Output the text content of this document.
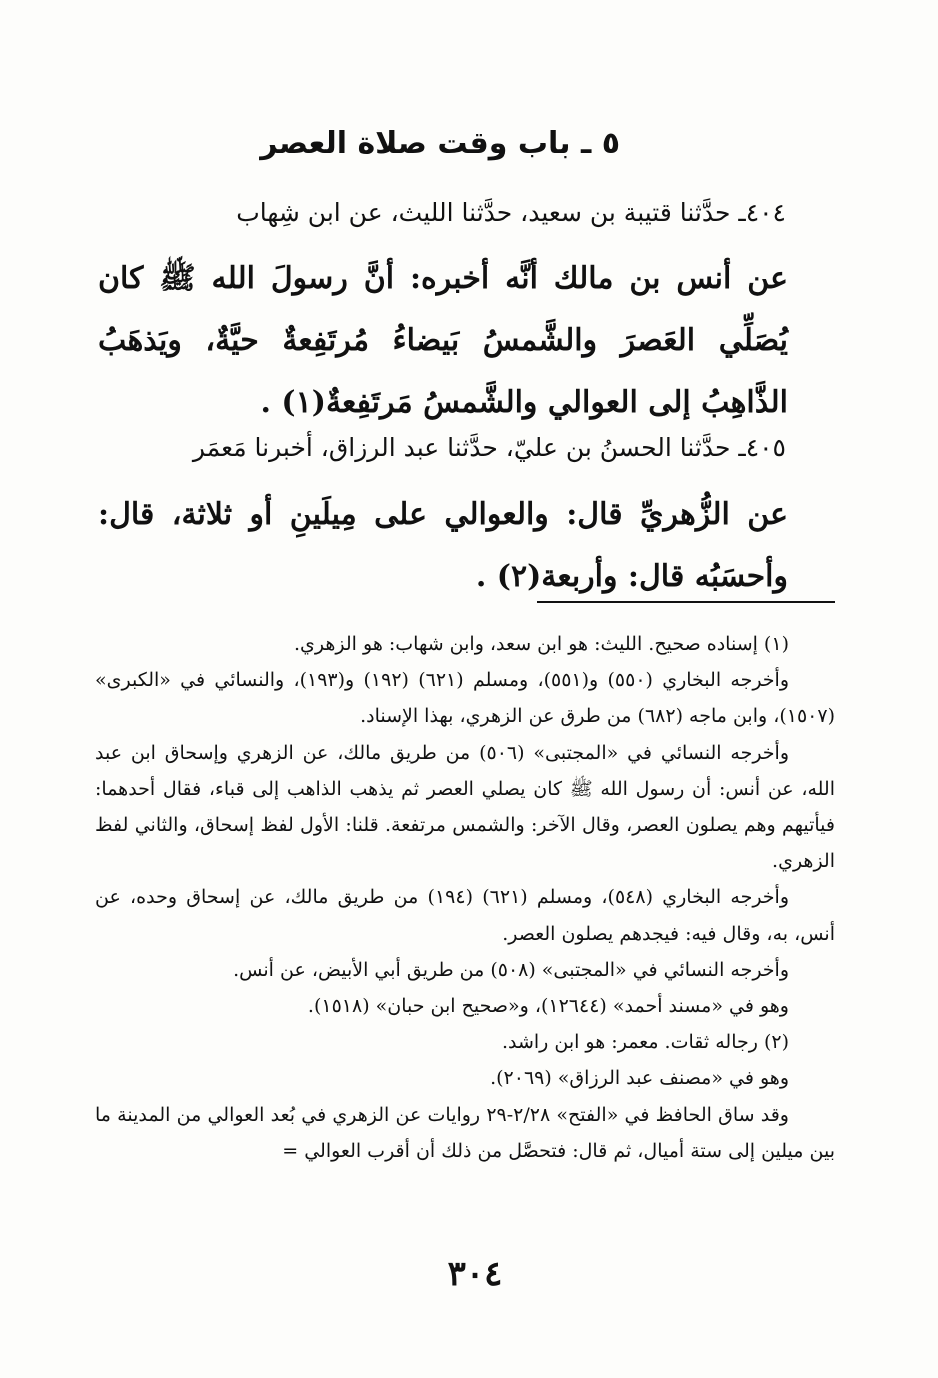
٥ ـ باب وقت صلاة العصر
٤٠٤ـ حدَّثنا قتيبة بن سعيد، حدَّثنا الليث، عن ابن شِهاب
عن أنس بن مالك أنَّه أخبره: أنَّ رسولَ الله ﷺ كان يُصَلِّي العَصرَ والشَّمسُ بَيضاءُ مُرتَفِعةٌ حيَّةٌ، ويَذهَبُ الذَّاهِبُ إلى العوالي والشَّمسُ مَرتَفِعةٌ(١) .
٤٠٥ـ حدَّثنا الحسنُ بن عليّ، حدَّثنا عبد الرزاق، أخبرنا مَعمَر
عن الزُّهريِّ قال: والعوالي على مِيلَينِ أو ثلاثة، قال: وأحسَبُه قال: وأربعة(٢) .

(١) إسناده صحيح. الليث: هو ابن سعد، وابن شهاب: هو الزهري.

وأخرجه البخاري (٥٥٠) و(٥٥١)، ومسلم (٦٢١) (١٩٢) و(١٩٣)، والنسائي في «الكبرى» (١٥٠٧)، وابن ماجه (٦٨٢) من طرق عن الزهري، بهذا الإسناد.

وأخرجه النسائي في «المجتبى» (٥٠٦) من طريق مالك، عن الزهري وإسحاق ابن عبد الله، عن أنس: أن رسول الله ﷺ كان يصلي العصر ثم يذهب الذاهب إلى قباء، فقال أحدهما: فيأتيهم وهم يصلون العصر، وقال الآخر: والشمس مرتفعة. قلنا: الأول لفظ إسحاق، والثاني لفظ الزهري.

وأخرجه البخاري (٥٤٨)، ومسلم (٦٢١) (١٩٤) من طريق مالك، عن إسحاق وحده، عن أنس، به، وقال فيه: فيجدهم يصلون العصر.

وأخرجه النسائي في «المجتبى» (٥٠٨) من طريق أبي الأبيض، عن أنس.

وهو في «مسند أحمد» (١٢٦٤٤)، و«صحيح ابن حبان» (١٥١٨).

(٢) رجاله ثقات. معمر: هو ابن راشد.

وهو في «مصنف عبد الرزاق» (٢٠٦٩).

وقد ساق الحافظ في «الفتح» ٢/٢٨-٢٩ روايات عن الزهري في بُعد العوالي من المدينة ما بين ميلين إلى ستة أميال، ثم قال: فتحصَّل من ذلك أن أقرب العوالي =

٣٠٤
